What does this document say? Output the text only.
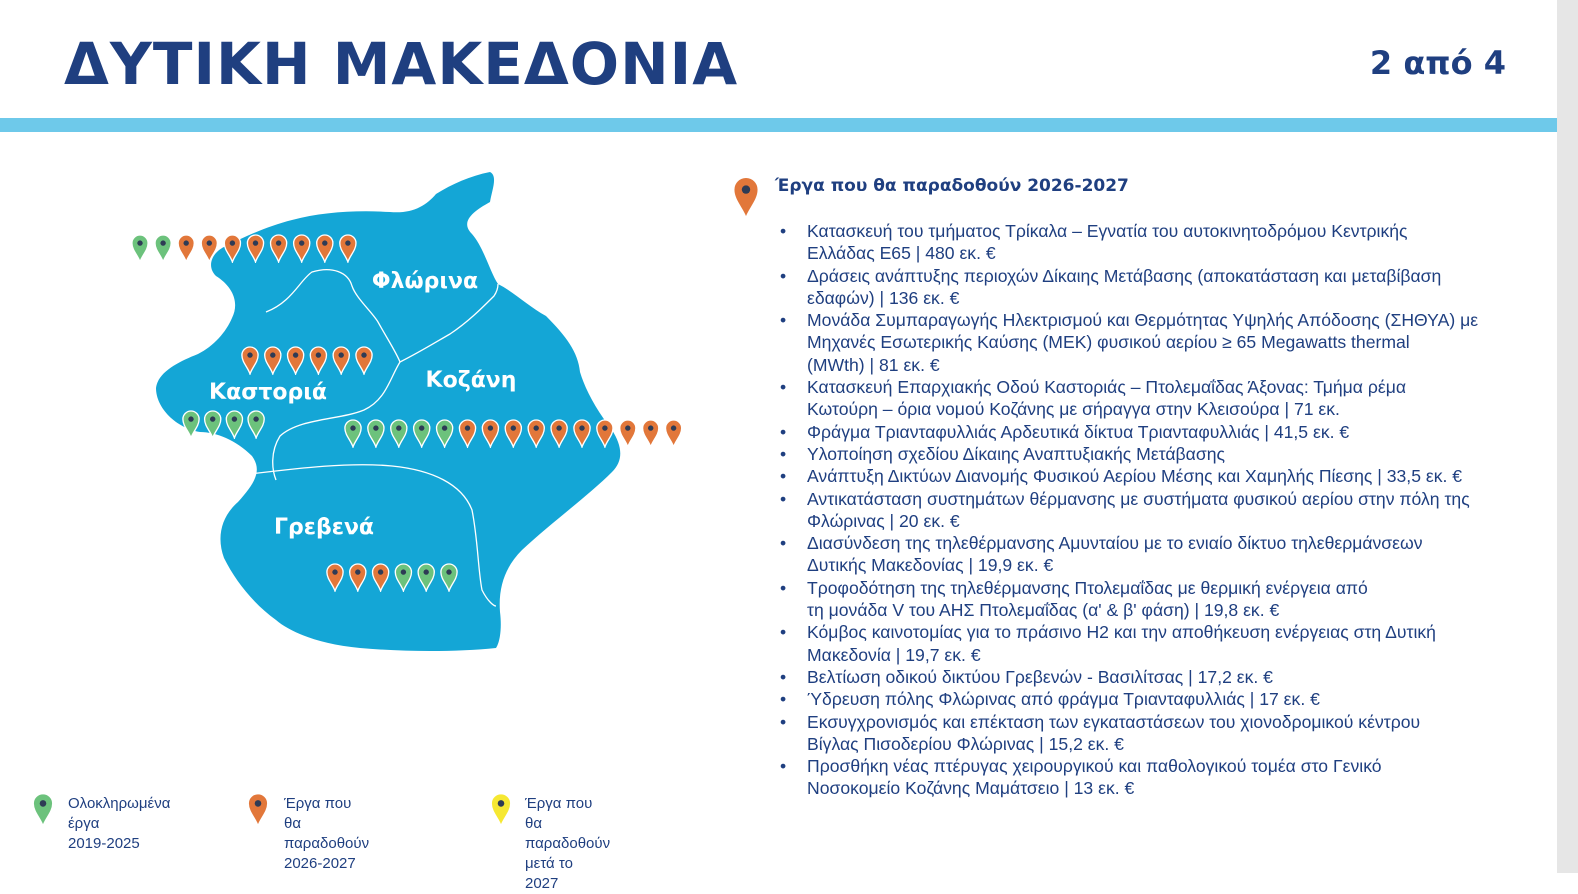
ΔΥΤΙΚΗ ΜΑΚΕΔΟΝΙΑ	2 από 4
Φλώρινα
Καστοριά	Κοζάνη
Γρεβενά
Ολοκληρωμένα έργα
2019-2025
Έργα που θα παραδοθούν
2026-2027
Έργα που θα παραδοθούν
μετά το 2027
Έργα που θα παραδοθούν 2026-2027
• Κατασκευή του τμήματος Τρίκαλα – Εγνατία του αυτοκινητοδρόμου Κεντρικής
Ελλάδας Ε65 | 480 εκ. €
• Δράσεις ανάπτυξης περιοχών Δίκαιης Μετάβασης (αποκατάσταση και μεταβίβαση
εδαφών) | 136 εκ. €
• Μονάδα Συμπαραγωγής Ηλεκτρισμού και Θερμότητας Υψηλής Απόδοσης (ΣΗΘΥΑ) με
Μηχανές Εσωτερικής Καύσης (ΜΕΚ) φυσικού αερίου ≥ 65 Megawatts thermal
(MWth) | 81 εκ. €
• Κατασκευή Επαρχιακής Οδού Καστοριάς – Πτολεμαΐδας Άξονας: Τμήμα ρέμα
Κωτούρη – όρια νομού Κοζάνης με σήραγγα στην Κλεισούρα | 71 εκ.
• Φράγμα Τριανταφυλλιάς Αρδευτικά δίκτυα Τριανταφυλλιάς | 41,5 εκ. €
• Υλοποίηση σχεδίου Δίκαιης Αναπτυξιακής Μετάβασης
• Ανάπτυξη Δικτύων Διανομής Φυσικού Αερίου Μέσης και Χαμηλής Πίεσης | 33,5 εκ. €
• Αντικατάσταση συστημάτων θέρμανσης με συστήματα φυσικού αερίου στην πόλη της
Φλώρινας | 20 εκ. €
• Διασύνδεση της τηλεθέρμανσης Αμυνταίου με το ενιαίο δίκτυο τηλεθερμάνσεων
Δυτικής Μακεδονίας | 19,9 εκ. €
• Τροφοδότηση της τηλεθέρμανσης Πτολεμαΐδας με θερμική ενέργεια από
τη μονάδα V του ΑΗΣ Πτολεμαΐδας (α' & β' φάση) | 19,8 εκ. €
• Κόμβος καινοτομίας για το πράσινο Η2 και την αποθήκευση ενέργειας στη Δυτική
Μακεδονία | 19,7 εκ. €
• Βελτίωση οδικού δικτύου Γρεβενών - Βασιλίτσας | 17,2 εκ. €
• Ύδρευση πόλης Φλώρινας από φράγμα Τριανταφυλλιάς | 17 εκ. €
• Εκσυγχρονισμός και επέκταση των εγκαταστάσεων του χιονοδρομικού κέντρου
Βίγλας Πισοδερίου Φλώρινας | 15,2 εκ. €
• Προσθήκη νέας πτέρυγας χειρουργικού και παθολογικού τομέα στο Γενικό
Νοσοκομείο Κοζάνης Μαμάτσειο | 13 εκ. €
